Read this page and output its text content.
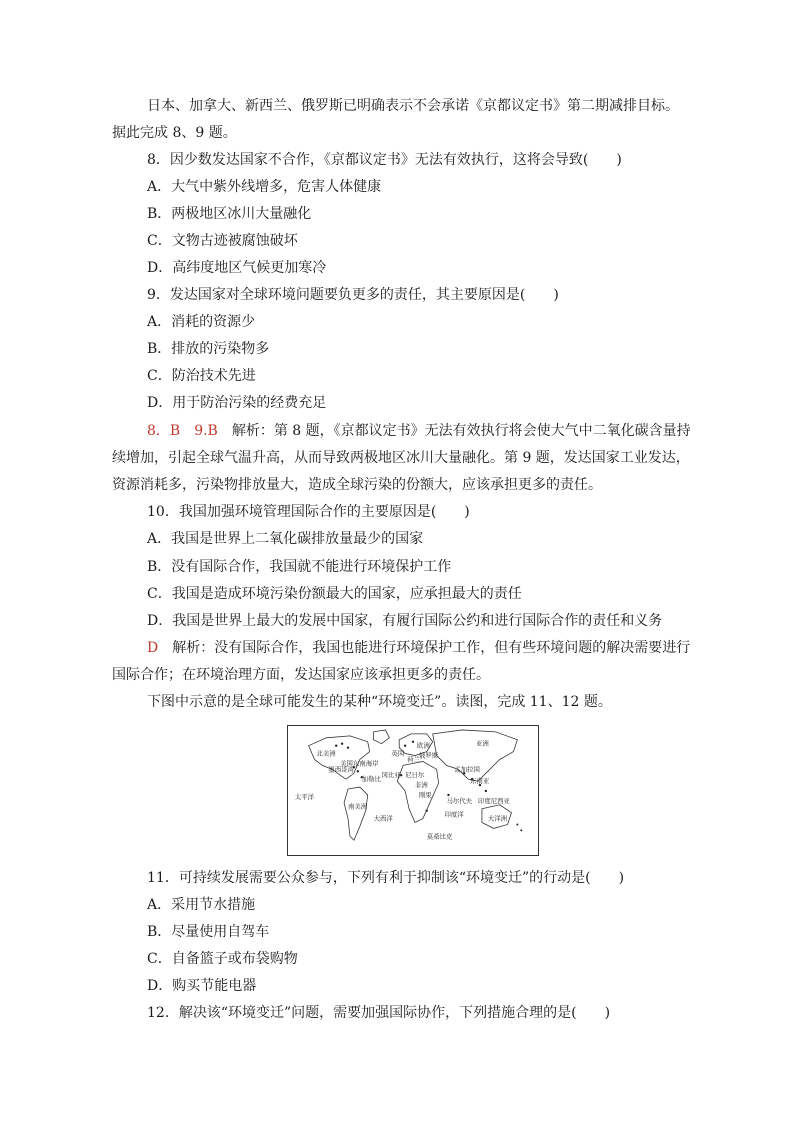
日本、加拿大、新西兰、俄罗斯已明确表示不会承诺《京都议定书》第二期减排目标。
据此完成 8、9 题。
8．因少数发达国家不合作，《京都议定书》无法有效执行，这将会导致(　　)
A．大气中紫外线增多，危害人体健康
B．两极地区冰川大量融化
C．文物古迹被腐蚀破坏
D．高纬度地区气候更加寒冷
9．发达国家对全球环境问题要负更多的责任，其主要原因是(　　)
A．消耗的资源少
B．排放的污染物多
C．防治技术先进
D．用于防治污染的经费充足
8．B　9.B　解析：第 8 题，《京都议定书》无法有效执行将会使大气中二氧化碳含量持
续增加，引起全球气温升高，从而导致两极地区冰川大量融化。第 9 题，发达国家工业发达，
资源消耗多，污染物排放量大，造成全球污染的份额大，应该承担更多的责任。
10．我国加强环境管理国际合作的主要原因是(　　)
A．我国是世界上二氧化碳排放量最少的国家
B．没有国际合作，我国就不能进行环境保护工作
C．我国是造成环境污染份额最大的国家，应承担最大的责任
D．我国是世界上最大的发展中国家，有履行国际公约和进行国际合作的责任和义务
D　解析：没有国际合作，我国也能进行环境保护工作，但有些环境问题的解决需要进行
国际合作；在环境治理方面，发达国家应该承担更多的责任。
下图中示意的是全球可能发生的某种“环境变迁”。读图，完成 11、12 题。
北美洲
欧洲	亚洲
俄罗斯
英国
荷兰
墨西哥湾
美国东南海岸
非洲
孟加拉国
东南亚
加勒比 冈比亚
刚果
尼日尔
太平洋
南美洲
大西洋	印度洋
马尔代夫 印度尼西亚
大洋洲
莫桑比克
11．可持续发展需要公众参与，下列有利于抑制该“环境变迁”的行动是(　　)
A．采用节水措施
B．尽量使用自驾车
C．自备篮子或布袋购物
D．购买节能电器
12．解决该“环境变迁”问题，需要加强国际协作，下列措施合理的是(　　)
